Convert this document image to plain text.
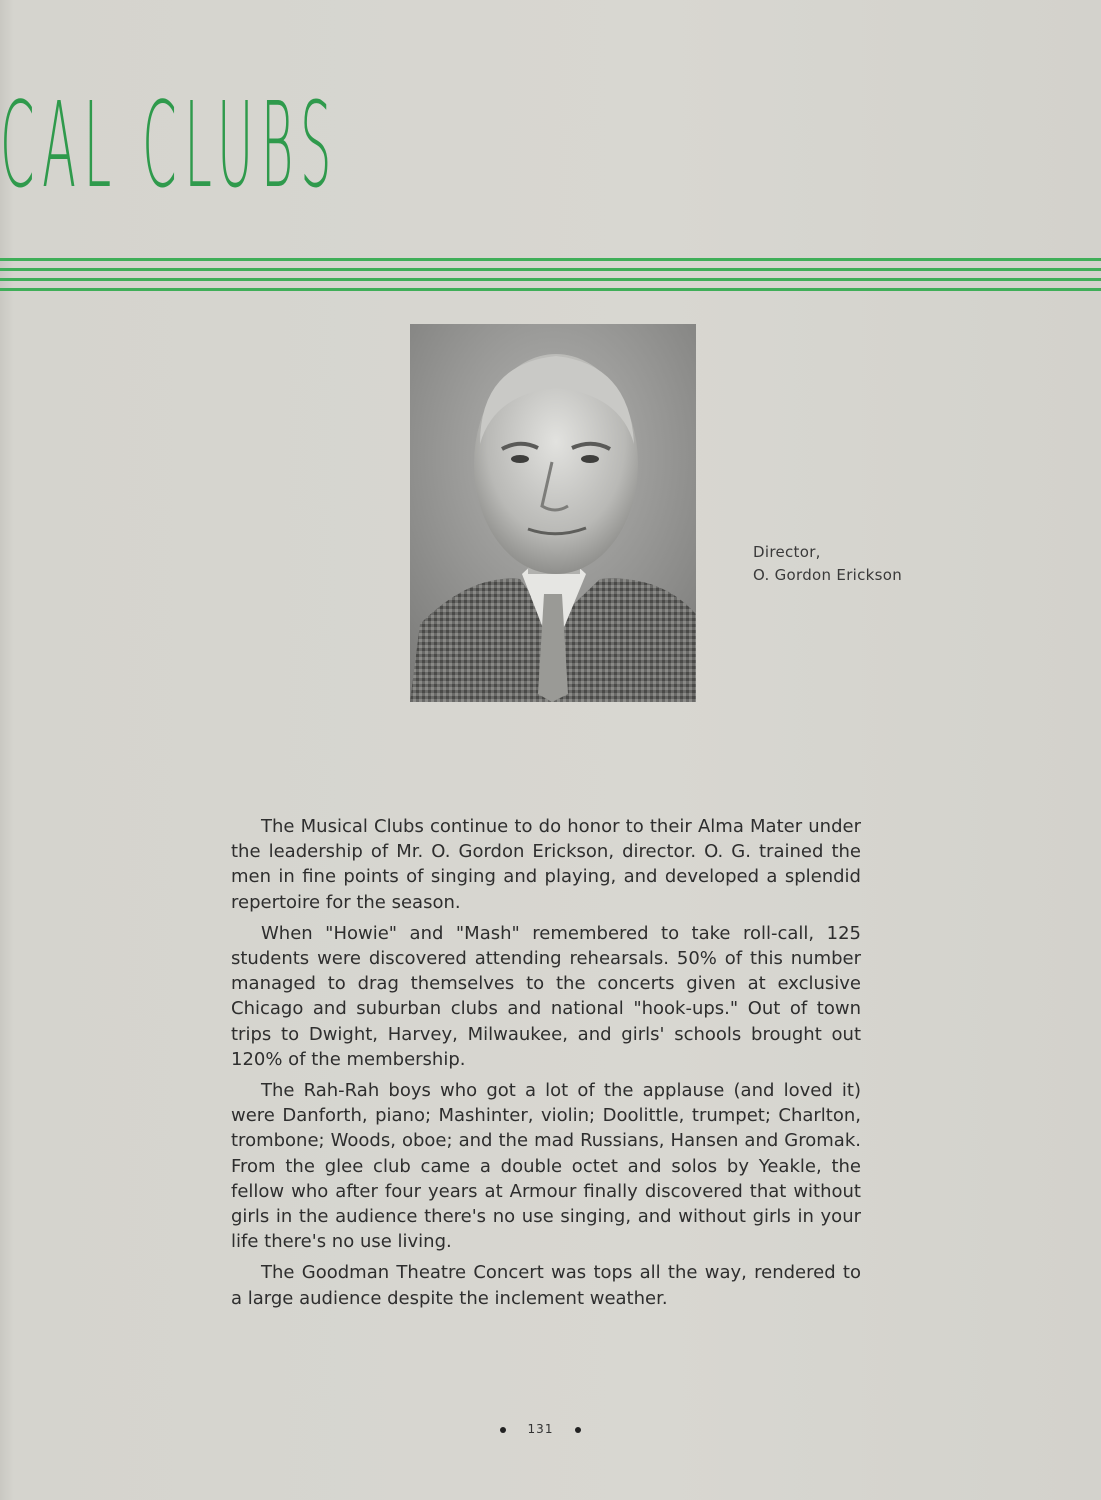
CAL CLUBS
Director,
O. Gordon Erickson

The Musical Clubs continue to do honor to their Alma Mater under the leadership of Mr. O. Gordon Erickson, director. O. G. trained the men in fine points of singing and playing, and developed a splendid repertoire for the season.

When "Howie" and "Mash" remembered to take roll-call, 125 students were discovered attending rehearsals. 50% of this number managed to drag themselves to the concerts given at exclusive Chicago and suburban clubs and national "hook-ups." Out of town trips to Dwight, Harvey, Milwaukee, and girls' schools brought out 120% of the membership.

The Rah-Rah boys who got a lot of the applause (and loved it) were Danforth, piano; Mashinter, violin; Doolittle, trumpet; Charlton, trombone; Woods, oboe; and the mad Russians, Hansen and Gromak. From the glee club came a double octet and solos by Yeakle, the fellow who after four years at Armour finally discovered that without girls in the audience there's no use singing, and without girls in your life there's no use living.

The Goodman Theatre Concert was tops all the way, rendered to a large audience despite the inclement weather.

131
